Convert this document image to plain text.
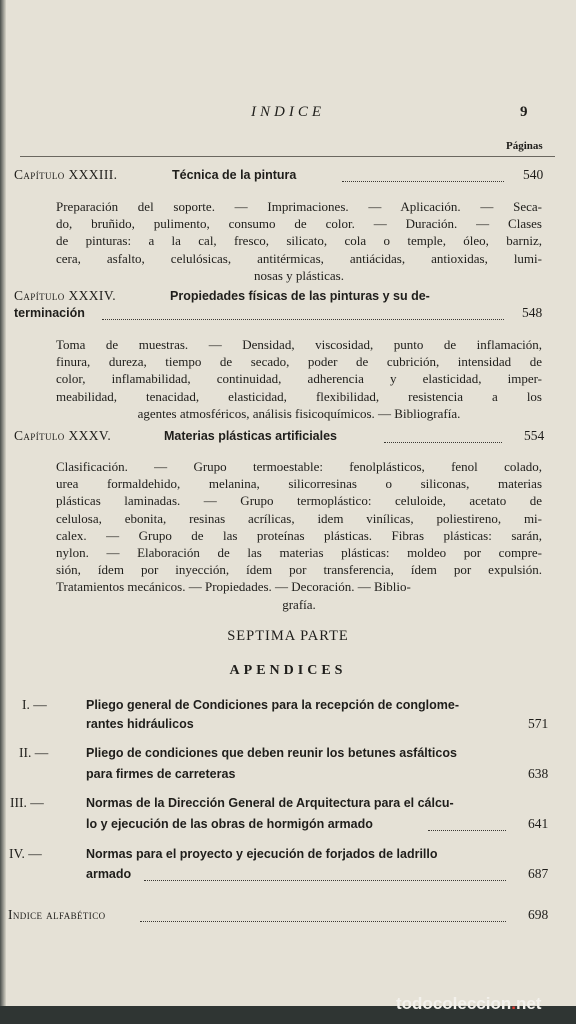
INDICE	9
Páginas
Capítulo XXXIII.	Técnica de la pintura	540
Preparación del soporte. — Imprimaciones. — Aplicación. — Seca-
do, bruñido, pulimento, consumo de color. — Duración. — Clases
de pinturas: a la cal, fresco, silicato, cola o temple, óleo, barniz,
cera, asfalto, celulósicas, antitérmicas, antiácidas, antioxidas, lumi-
nosas y plásticas.
Capítulo XXXIV.	Propiedades físicas de las pinturas y su de-
terminación	548
Toma de muestras. — Densidad, viscosidad, punto de inflamación,
finura, dureza, tiempo de secado, poder de cubrición, intensidad de
color, inflamabilidad, continuidad, adherencia y elasticidad, imper-
meabilidad, tenacidad, elasticidad, flexibilidad, resistencia a los
agentes atmosféricos, análisis fisicoquímicos. — Bibliografía.
Capítulo XXXV.	Materias plásticas artificiales	554
Clasificación. — Grupo termoestable: fenolplásticos, fenol colado,
urea formaldehido, melanina, silicorresinas o siliconas, materias
plásticas laminadas. — Grupo termoplástico: celuloide, acetato de
celulosa, ebonita, resinas acrílicas, idem vinílicas, poliestireno, mi-
calex. — Grupo de las proteínas plásticas. Fibras plásticas: sarán,
nylon. — Elaboración de las materias plásticas: moldeo por compre-
sión, ídem por inyección, ídem por transferencia, ídem por expulsión.
Tratamientos mecánicos. — Propiedades. — Decoración. — Biblio-
grafía.
SEPTIMA PARTE
APENDICES
I. —	Pliego general de Condiciones para la recepción de conglome-
rantes hidráulicos	571
II. —	Pliego de condiciones que deben reunir los betunes asfálticos
para firmes de carreteras	638
III. —	Normas de la Dirección General de Arquitectura para el cálcu-
lo y ejecución de las obras de hormigón armado	641
IV. —	Normas para el proyecto y ejecución de forjados de ladrillo
armado	687
Indice alfabético	698
todocoleccion.net
